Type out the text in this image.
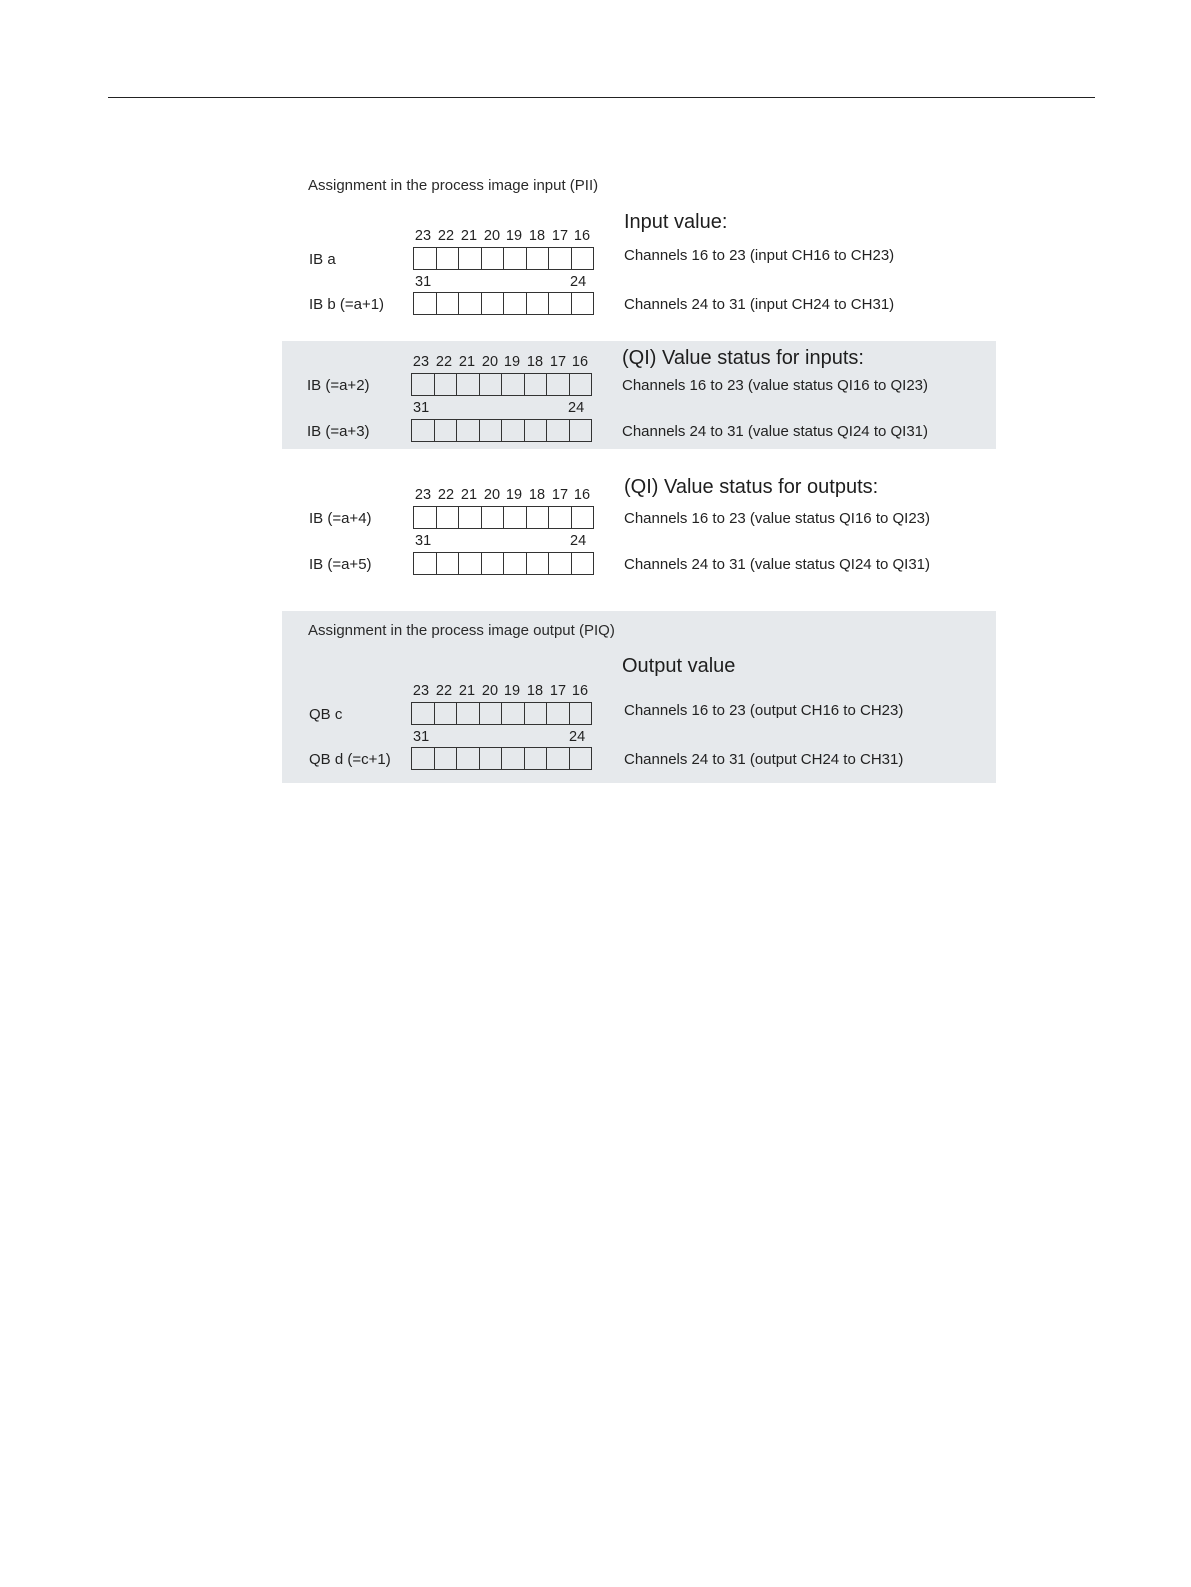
Assignment in the process image input (PII)
Assignment in the process image output (PIQ)
Input value:
23 22 21 20 19 18 17 16
IB a	Channels 16 to 23 (input CH16 to CH23)
31	24
IB b (=a+1)	Channels 24 to 31 (input CH24 to CH31)
(QI) Value status for inputs:
23 22 21 20 19 18 17 16
IB (=a+2)	Channels 16 to 23 (value status QI16 to QI23)
31	24
IB (=a+3)	Channels 24 to 31 (value status QI24 to QI31)
(QI) Value status for outputs:
23 22 21 20 19 18 17 16
IB (=a+4)	Channels 16 to 23 (value status QI16 to QI23)
31	24
IB (=a+5)	Channels 24 to 31 (value status QI24 to QI31)
Output value
23 22 21 20 19 18 17 16
QB c	Channels 16 to 23 (output CH16 to CH23)
31	24
QB d (=c+1)	Channels 24 to 31 (output CH24 to CH31)
